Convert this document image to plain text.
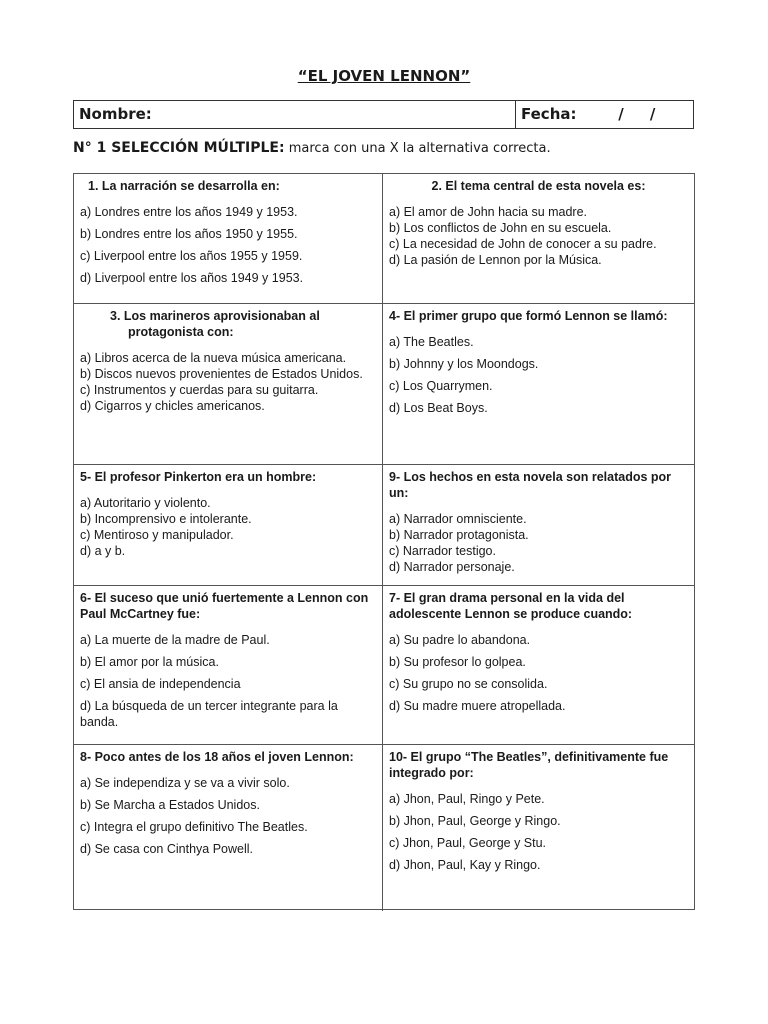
“EL JOVEN LENNON”
Nombre:	Fecha:        /     /
N° 1 SELECCIÓN MÚLTIPLE: marca con una X la alternativa correcta.
1. La narración se desarrolla en:
a) Londres entre los años 1949 y 1953.
b) Londres entre los años 1950 y 1955.
c) Liverpool entre los años 1955 y 1959.
d) Liverpool entre los años 1949 y 1953.
2. El tema central de esta novela es:
a) El amor de John hacia su madre.
b) Los conflictos de John en su escuela.
c) La necesidad de John de conocer a su padre.
d) La pasión de Lennon por la Música.
3. Los marineros aprovisionaban al protagonista con:
a) Libros acerca de la nueva música americana.
b) Discos nuevos provenientes de Estados Unidos.
c) Instrumentos y cuerdas para su guitarra.
d) Cigarros y chicles americanos.
4- El primer grupo que formó Lennon se llamó:
a) The Beatles.
b) Johnny y los Moondogs.
c) Los Quarrymen.
d) Los Beat Boys.
5- El profesor Pinkerton era un hombre:
a) Autoritario y violento.
b) Incomprensivo e intolerante.
c) Mentiroso y manipulador.
d) a y b.
9- Los hechos en esta novela son relatados por un:
a) Narrador omnisciente.
b) Narrador protagonista.
c) Narrador testigo.
d) Narrador personaje.
6- El suceso que unió fuertemente a Lennon con Paul McCartney fue:
a) La muerte de la madre de Paul.
b) El amor por la música.
c) El ansia de independencia
d) La búsqueda de un tercer integrante para la banda.
7- El gran drama personal en la vida del adolescente Lennon se produce cuando:
a) Su padre lo abandona.
b) Su profesor lo golpea.
c) Su grupo no se consolida.
d) Su madre muere atropellada.
8- Poco antes de los 18 años el joven Lennon:
a) Se independiza y se va a vivir solo.
b) Se Marcha a Estados Unidos.
c) Integra el grupo definitivo The Beatles.
d) Se casa con Cinthya Powell.
10- El grupo “The Beatles”, definitivamente fue integrado por:
a) Jhon, Paul, Ringo y Pete.
b) Jhon, Paul, George y Ringo.
c) Jhon, Paul, George y Stu.
d) Jhon, Paul, Kay y Ringo.
